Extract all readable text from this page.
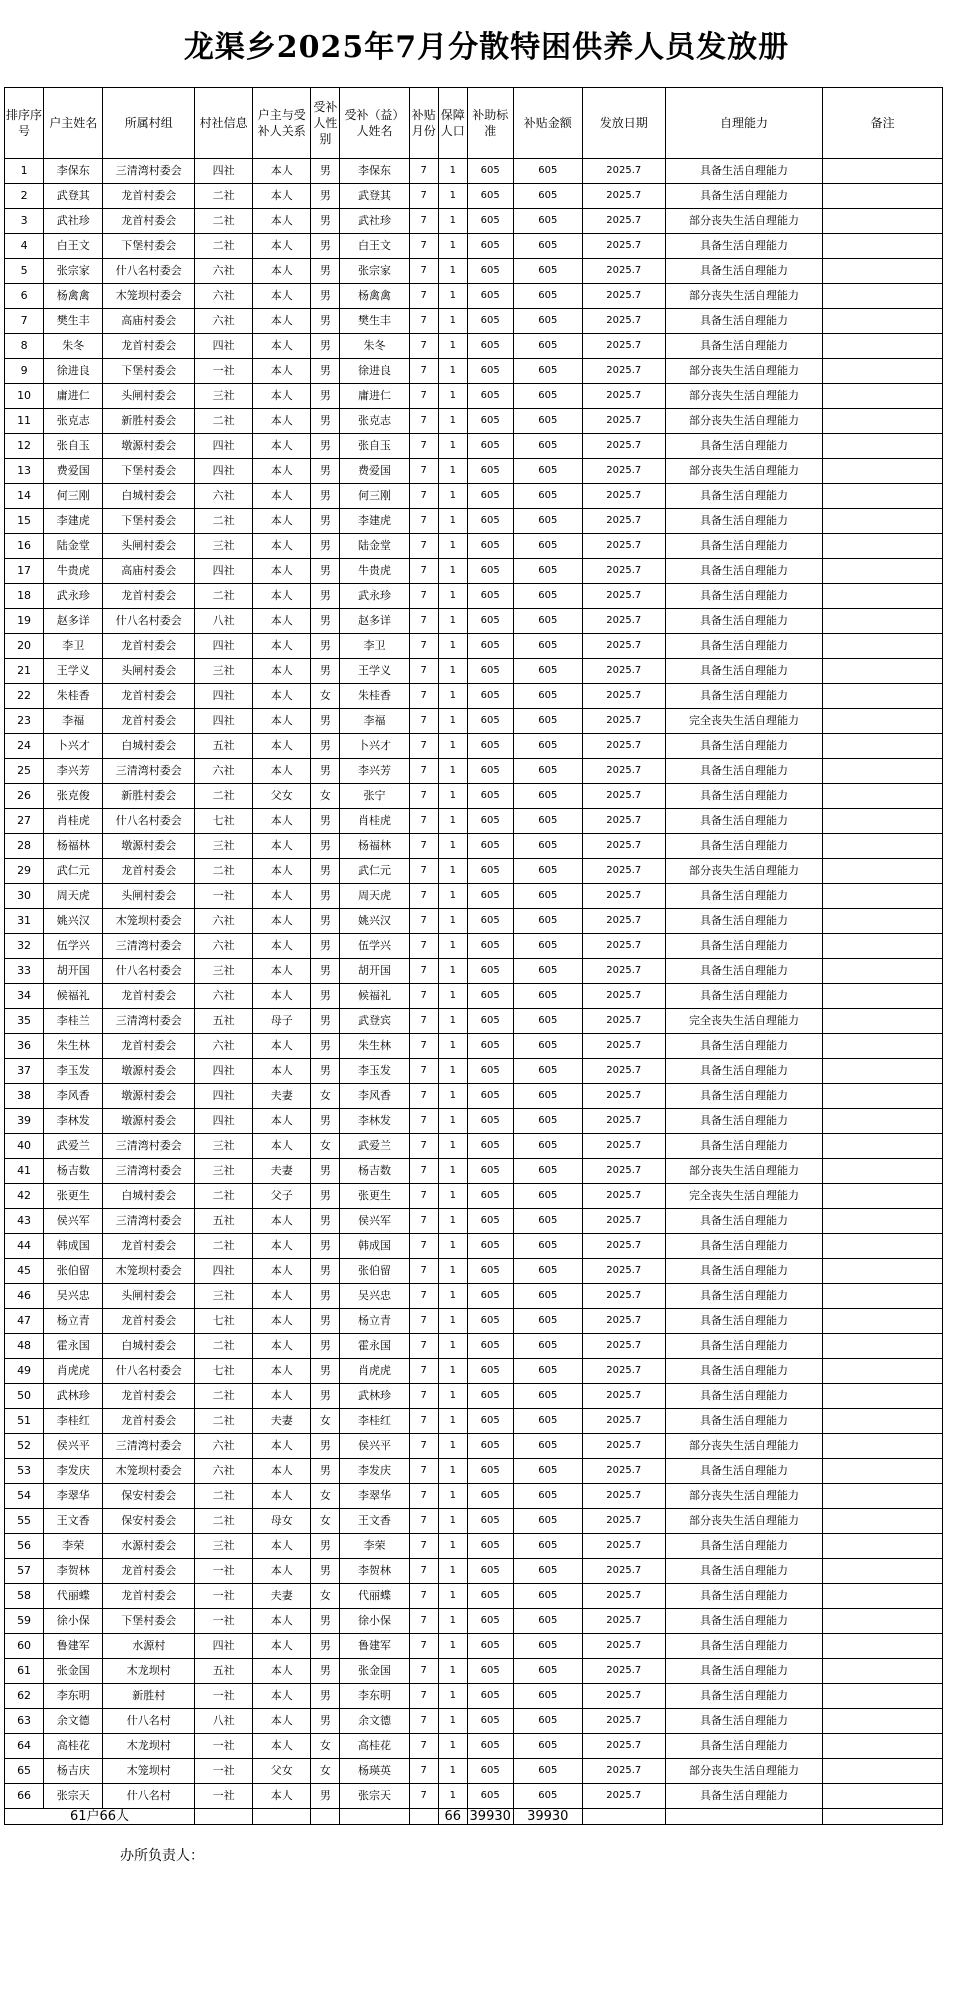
龙渠乡2025年7月分散特困供养人员发放册
排序序号	户主姓名	所属村组	村社信息	户主与受补人关系	受补人性别	受补（益）人姓名	补贴月份	保障人口	补助标准	补贴金额	发放日期	自理能力	备注
1	李保东	三清湾村委会	四社	本人	男	李保东	7	1	605	605	2025.7	具备生活自理能力	
2	武登其	龙首村委会	二社	本人	男	武登其	7	1	605	605	2025.7	具备生活自理能力	
3	武社珍	龙首村委会	二社	本人	男	武社珍	7	1	605	605	2025.7	部分丧失生活自理能力	
4	白王文	下堡村委会	二社	本人	男	白王文	7	1	605	605	2025.7	具备生活自理能力	
5	张宗家	什八名村委会	六社	本人	男	张宗家	7	1	605	605	2025.7	具备生活自理能力	
6	杨禽禽	木笼坝村委会	六社	本人	男	杨禽禽	7	1	605	605	2025.7	部分丧失生活自理能力	
7	樊生丰	高庙村委会	六社	本人	男	樊生丰	7	1	605	605	2025.7	具备生活自理能力	
8	朱冬	龙首村委会	四社	本人	男	朱冬	7	1	605	605	2025.7	具备生活自理能力	
9	徐进良	下堡村委会	一社	本人	男	徐进良	7	1	605	605	2025.7	部分丧失生活自理能力	
10	庸进仁	头闸村委会	三社	本人	男	庸进仁	7	1	605	605	2025.7	部分丧失生活自理能力	
11	张克志	新胜村委会	二社	本人	男	张克志	7	1	605	605	2025.7	部分丧失生活自理能力	
12	张自玉	墩源村委会	四社	本人	男	张自玉	7	1	605	605	2025.7	具备生活自理能力	
13	费爱国	下堡村委会	四社	本人	男	费爱国	7	1	605	605	2025.7	部分丧失生活自理能力	
14	何三刚	白城村委会	六社	本人	男	何三刚	7	1	605	605	2025.7	具备生活自理能力	
15	李建虎	下堡村委会	二社	本人	男	李建虎	7	1	605	605	2025.7	具备生活自理能力	
16	陆金堂	头闸村委会	三社	本人	男	陆金堂	7	1	605	605	2025.7	具备生活自理能力	
17	牛贵虎	高庙村委会	四社	本人	男	牛贵虎	7	1	605	605	2025.7	具备生活自理能力	
18	武永珍	龙首村委会	二社	本人	男	武永珍	7	1	605	605	2025.7	具备生活自理能力	
19	赵多详	什八名村委会	八社	本人	男	赵多详	7	1	605	605	2025.7	具备生活自理能力	
20	李卫	龙首村委会	四社	本人	男	李卫	7	1	605	605	2025.7	具备生活自理能力	
21	王学义	头闸村委会	三社	本人	男	王学义	7	1	605	605	2025.7	具备生活自理能力	
22	朱桂香	龙首村委会	四社	本人	女	朱桂香	7	1	605	605	2025.7	具备生活自理能力	
23	李福	龙首村委会	四社	本人	男	李福	7	1	605	605	2025.7	完全丧失生活自理能力	
24	卜兴才	白城村委会	五社	本人	男	卜兴才	7	1	605	605	2025.7	具备生活自理能力	
25	李兴芳	三清湾村委会	六社	本人	男	李兴芳	7	1	605	605	2025.7	具备生活自理能力	
26	张克俊	新胜村委会	二社	父女	女	张宁	7	1	605	605	2025.7	具备生活自理能力	
27	肖桂虎	什八名村委会	七社	本人	男	肖桂虎	7	1	605	605	2025.7	具备生活自理能力	
28	杨福林	墩源村委会	三社	本人	男	杨福林	7	1	605	605	2025.7	具备生活自理能力	
29	武仁元	龙首村委会	二社	本人	男	武仁元	7	1	605	605	2025.7	部分丧失生活自理能力	
30	周天虎	头闸村委会	一社	本人	男	周天虎	7	1	605	605	2025.7	具备生活自理能力	
31	姚兴汉	木笼坝村委会	六社	本人	男	姚兴汉	7	1	605	605	2025.7	具备生活自理能力	
32	伍学兴	三清湾村委会	六社	本人	男	伍学兴	7	1	605	605	2025.7	具备生活自理能力	
33	胡开国	什八名村委会	三社	本人	男	胡开国	7	1	605	605	2025.7	具备生活自理能力	
34	候福礼	龙首村委会	六社	本人	男	候福礼	7	1	605	605	2025.7	具备生活自理能力	
35	李桂兰	三清湾村委会	五社	母子	男	武登宾	7	1	605	605	2025.7	完全丧失生活自理能力	
36	朱生林	龙首村委会	六社	本人	男	朱生林	7	1	605	605	2025.7	具备生活自理能力	
37	李玉发	墩源村委会	四社	本人	男	李玉发	7	1	605	605	2025.7	具备生活自理能力	
38	李风香	墩源村委会	四社	夫妻	女	李风香	7	1	605	605	2025.7	具备生活自理能力	
39	李林发	墩源村委会	四社	本人	男	李林发	7	1	605	605	2025.7	具备生活自理能力	
40	武爱兰	三清湾村委会	三社	本人	女	武爱兰	7	1	605	605	2025.7	具备生活自理能力	
41	杨吉数	三清湾村委会	三社	夫妻	男	杨吉数	7	1	605	605	2025.7	部分丧失生活自理能力	
42	张更生	白城村委会	二社	父子	男	张更生	7	1	605	605	2025.7	完全丧失生活自理能力	
43	侯兴军	三清湾村委会	五社	本人	男	侯兴军	7	1	605	605	2025.7	具备生活自理能力	
44	韩成国	龙首村委会	二社	本人	男	韩成国	7	1	605	605	2025.7	具备生活自理能力	
45	张伯留	木笼坝村委会	四社	本人	男	张伯留	7	1	605	605	2025.7	具备生活自理能力	
46	吴兴忠	头闸村委会	三社	本人	男	吴兴忠	7	1	605	605	2025.7	具备生活自理能力	
47	杨立青	龙首村委会	七社	本人	男	杨立青	7	1	605	605	2025.7	具备生活自理能力	
48	霍永国	白城村委会	二社	本人	男	霍永国	7	1	605	605	2025.7	具备生活自理能力	
49	肖虎虎	什八名村委会	七社	本人	男	肖虎虎	7	1	605	605	2025.7	具备生活自理能力	
50	武林珍	龙首村委会	二社	本人	男	武林珍	7	1	605	605	2025.7	具备生活自理能力	
51	李桂红	龙首村委会	二社	夫妻	女	李桂红	7	1	605	605	2025.7	具备生活自理能力	
52	侯兴平	三清湾村委会	六社	本人	男	侯兴平	7	1	605	605	2025.7	部分丧失生活自理能力	
53	李发庆	木笼坝村委会	六社	本人	男	李发庆	7	1	605	605	2025.7	具备生活自理能力	
54	李翠华	保安村委会	二社	本人	女	李翠华	7	1	605	605	2025.7	部分丧失生活自理能力	
55	王文香	保安村委会	二社	母女	女	王文香	7	1	605	605	2025.7	部分丧失生活自理能力	
56	李荣	水源村委会	三社	本人	男	李荣	7	1	605	605	2025.7	具备生活自理能力	
57	李贺林	龙首村委会	一社	本人	男	李贺林	7	1	605	605	2025.7	具备生活自理能力	
58	代丽蝶	龙首村委会	一社	夫妻	女	代丽蝶	7	1	605	605	2025.7	具备生活自理能力	
59	徐小保	下堡村委会	一社	本人	男	徐小保	7	1	605	605	2025.7	具备生活自理能力	
60	鲁建军	水源村	四社	本人	男	鲁建军	7	1	605	605	2025.7	具备生活自理能力	
61	张金国	木龙坝村	五社	本人	男	张金国	7	1	605	605	2025.7	具备生活自理能力	
62	李东明	新胜村	一社	本人	男	李东明	7	1	605	605	2025.7	具备生活自理能力	
63	余文德	什八名村	八社	本人	男	余文德	7	1	605	605	2025.7	具备生活自理能力	
64	高桂花	木龙坝村	一社	本人	女	高桂花	7	1	605	605	2025.7	具备生活自理能力	
65	杨吉庆	木笼坝村	一社	父女	女	杨瑛英	7	1	605	605	2025.7	部分丧失生活自理能力	
66	张宗天	什八名村	一社	本人	男	张宗天	7	1	605	605	2025.7	具备生活自理能力	
61户66人								66	39930	39930			
办所负责人：
